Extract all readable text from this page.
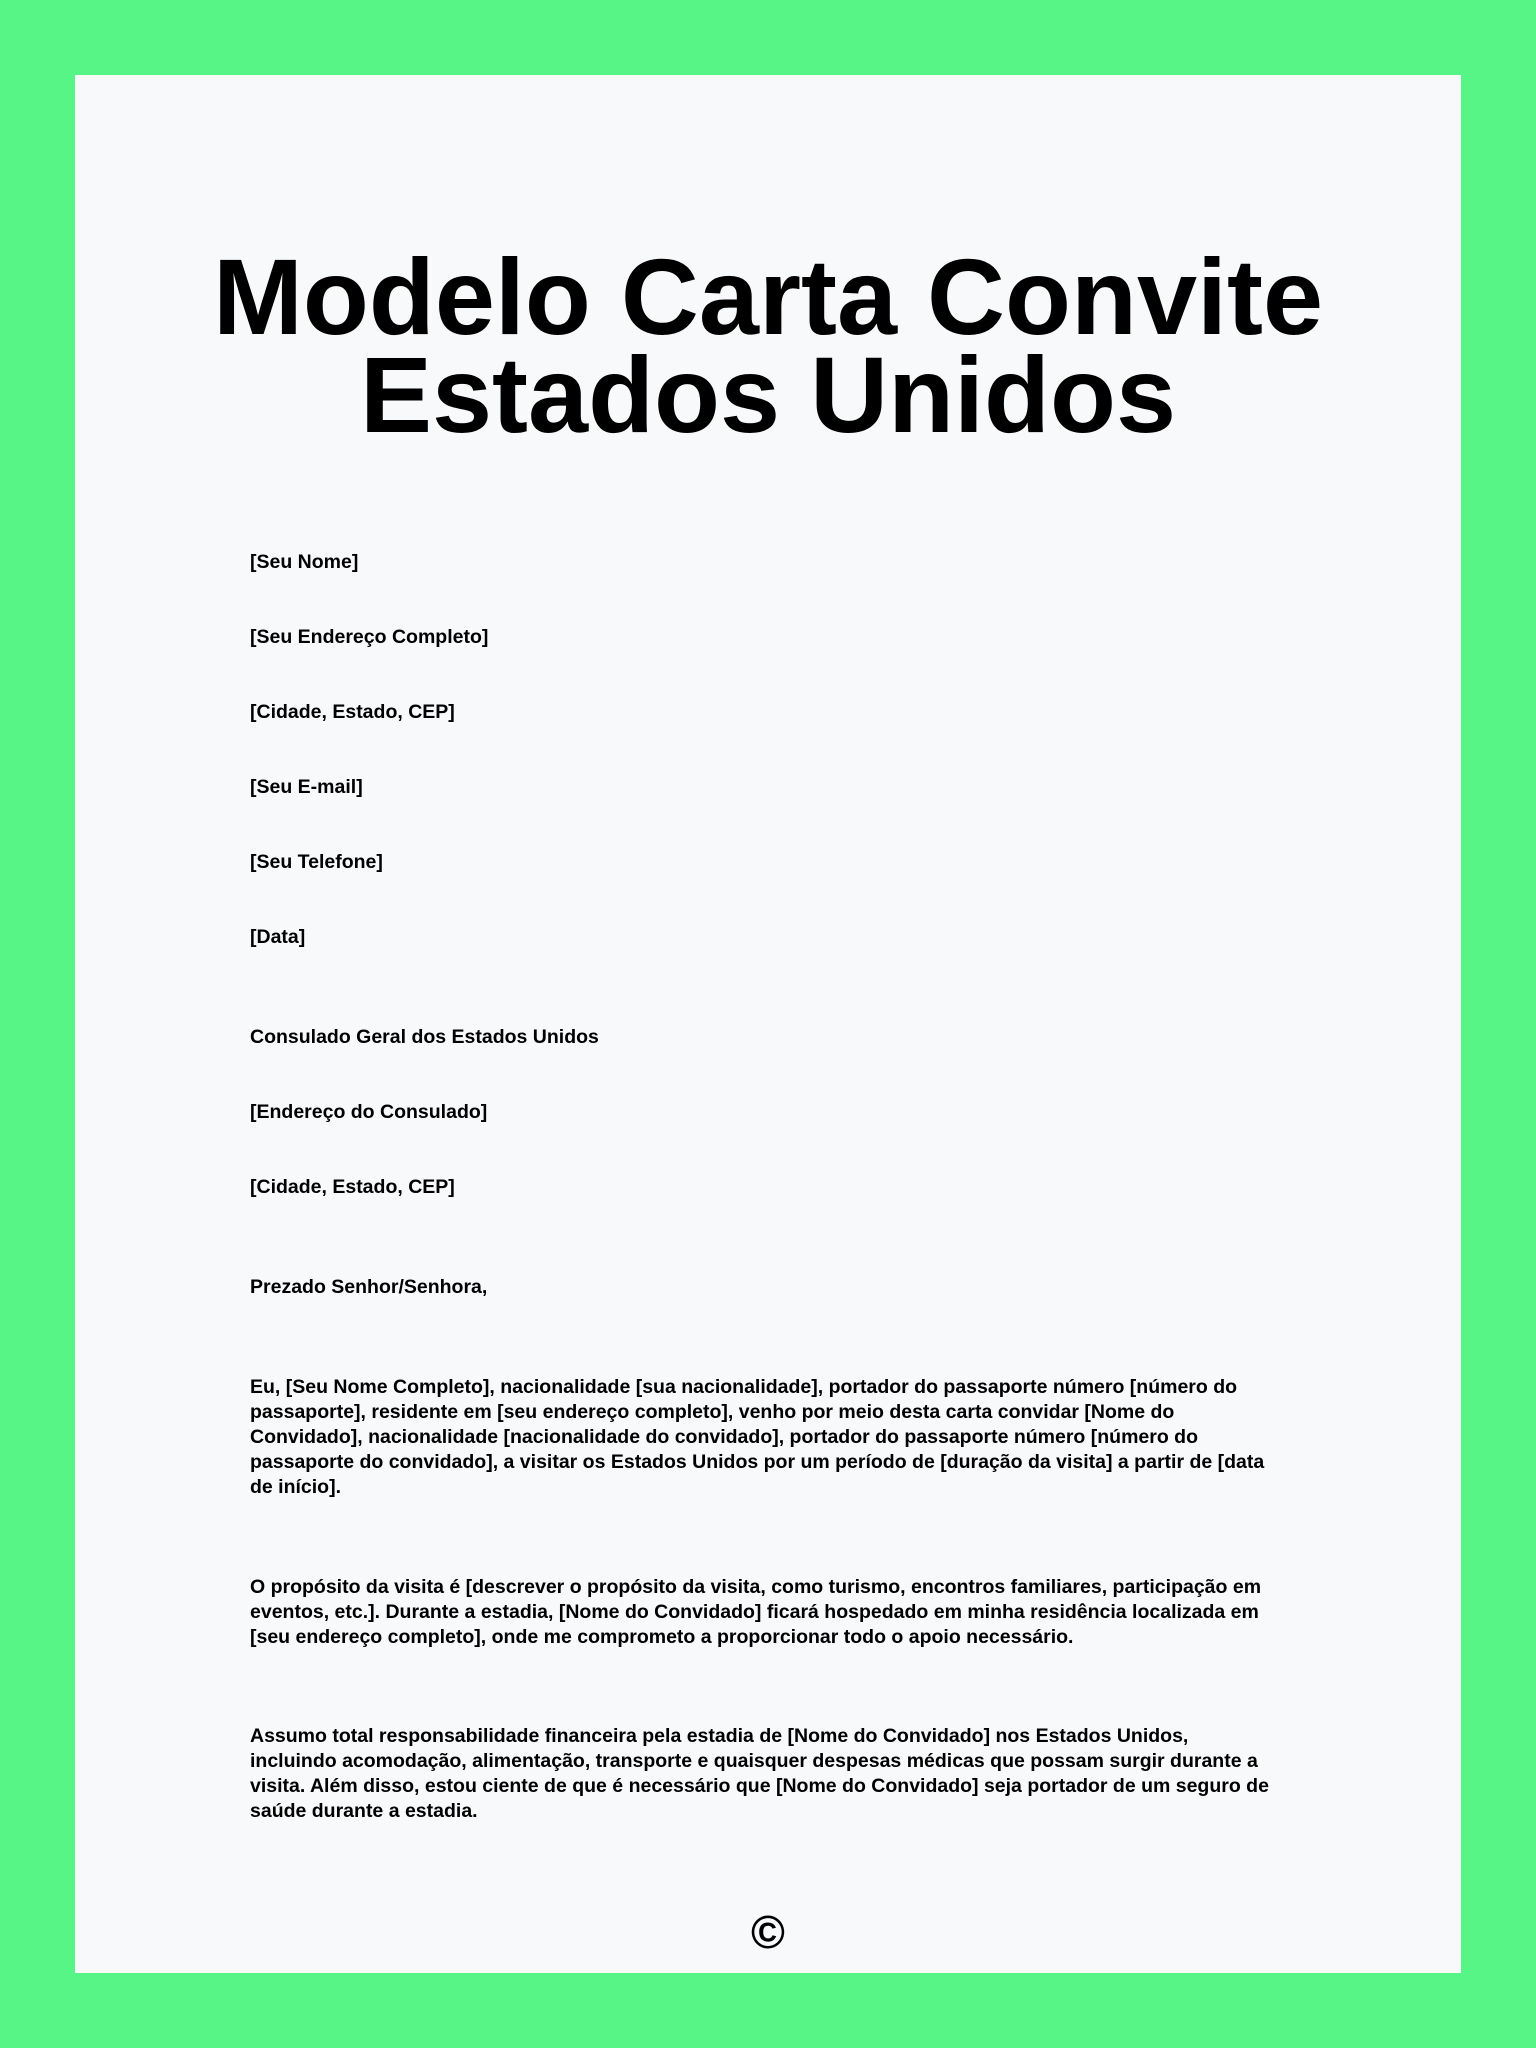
Modelo Carta Convite
Estados Unidos

[Seu Nome]

[Seu Endereço Completo]

[Cidade, Estado, CEP]

[Seu E-mail]

[Seu Telefone]

[Data]

Consulado Geral dos Estados Unidos

[Endereço do Consulado]

[Cidade, Estado, CEP]

Prezado Senhor/Senhora,

Eu, [Seu Nome Completo], nacionalidade [sua nacionalidade], portador do passaporte número [número do passaporte], residente em [seu endereço completo], venho por meio desta carta convidar [Nome do Convidado], nacionalidade [nacionalidade do convidado], portador do passaporte número [número do passaporte do convidado], a visitar os Estados Unidos por um período de [duração da visita] a partir de [data de início].

O propósito da visita é [descrever o propósito da visita, como turismo, encontros familiares, participação em eventos, etc.]. Durante a estadia, [Nome do Convidado] ficará hospedado em minha residência localizada em [seu endereço completo], onde me comprometo a proporcionar todo o apoio necessário.

Assumo total responsabilidade financeira pela estadia de [Nome do Convidado] nos Estados Unidos, incluindo acomodação, alimentação, transporte e quaisquer despesas médicas que possam surgir durante a visita. Além disso, estou ciente de que é necessário que [Nome do Convidado] seja portador de um seguro de saúde durante a estadia.

©
